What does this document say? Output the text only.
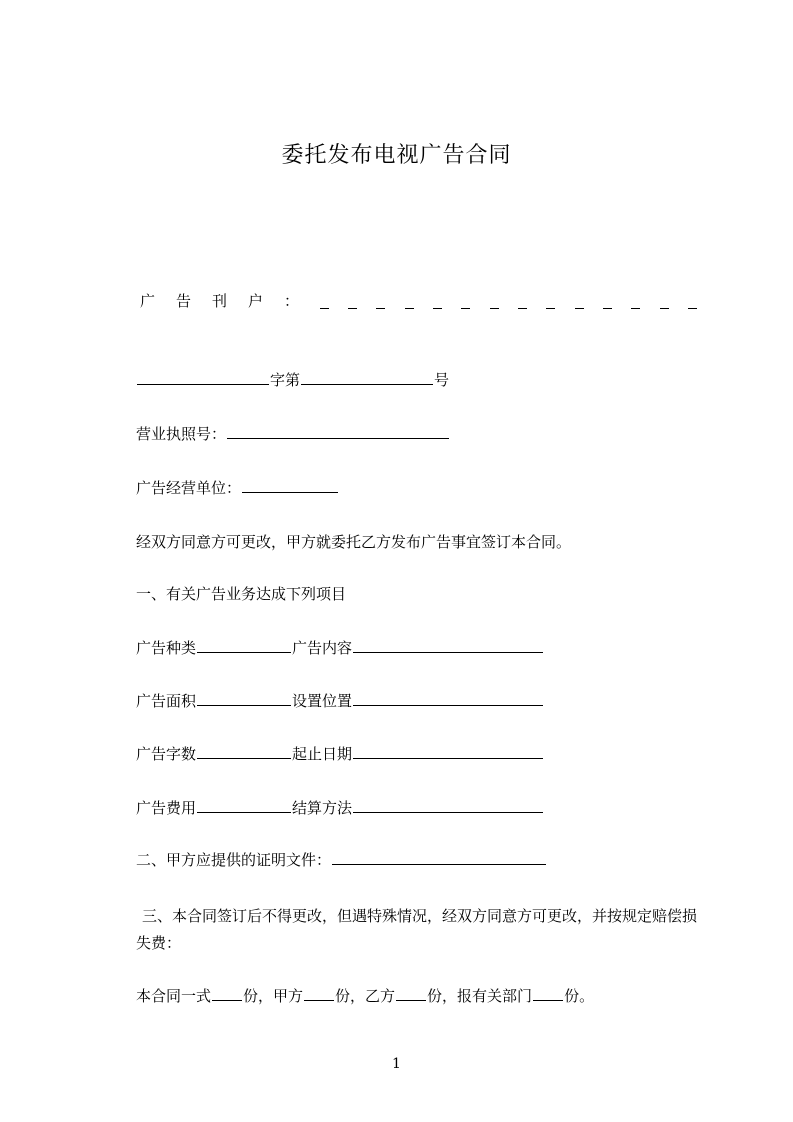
委托发布电视广告合同
广 告 刊 户 ：
字第	号
营业执照号：
广告经营单位：
经双方同意方可更改，甲方就委托乙方发布广告事宜签订本合同。
一、有关广告业务达成下列项目
广告种类	广告内容
广告面积	设置位置
广告字数	起止日期
广告费用	结算方法
二、甲方应提供的证明文件：
三、本合同签订后不得更改，但遇特殊情况，经双方同意方可更改，并按规定赔偿损失费：
本合同一式 份，甲方 份，乙方 份，报有关部门 份。
1
